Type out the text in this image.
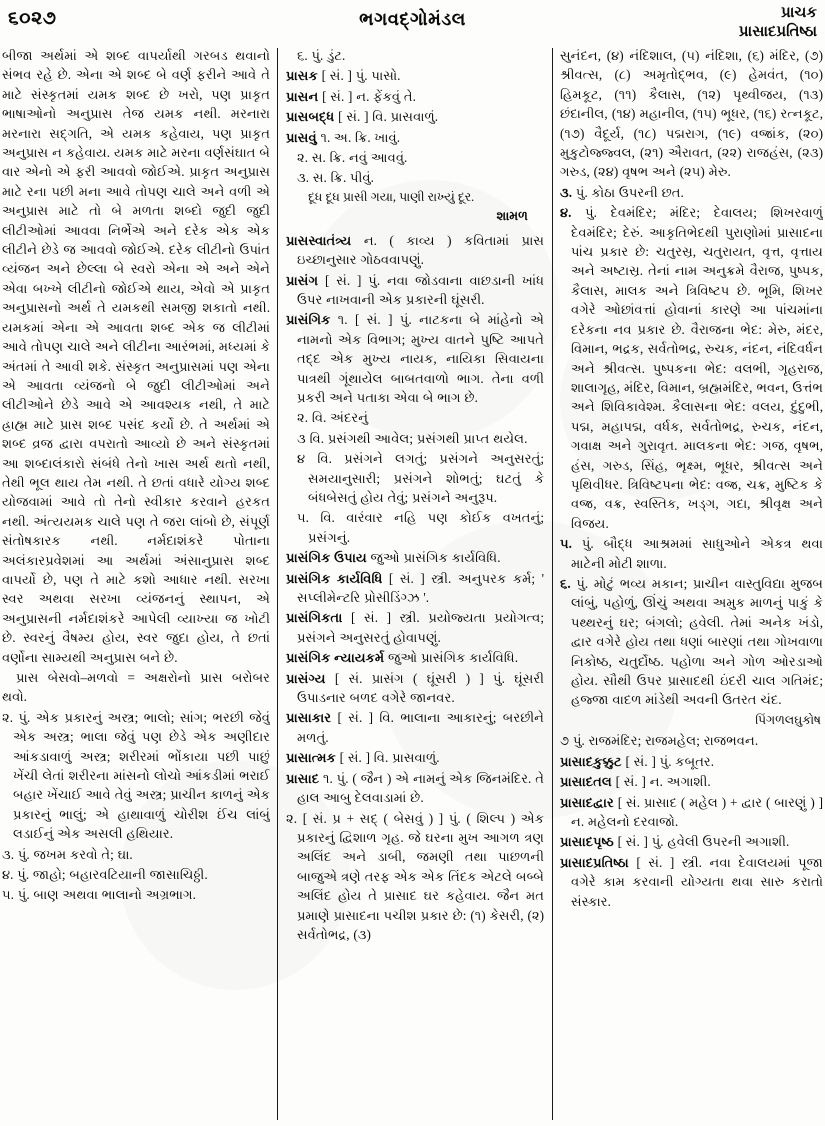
૬૦૨૭	ભગવદ્‌ગોમંડલ	પ્રાચક
પ્રાસાદપ્રતિષ્ઠા

બીજા અર્થમાં એ શબ્દ વાપર્યાથી ગરબડ થવાનો સંભવ રહે છે. એના એ શબ્દ બે વર્ણ ફરીને આવે તે માટે સંસ્કૃતમાં યમક શબ્દ છે ખરો, પણ પ્રાકૃત ભાષાઓનો અનુપ્રાસ તેજ યમક નથી. મરનારા મરનારા સદ્‌ગતિ, એ યમક કહેવાય, પણ પ્રાકૃત અનુપ્રાસ ન કહેવાય. યમક માટે મરના વર્ણસંઘાત બે વાર એનો એ ફરી આવવો જોઈ‍એ. પ્રાકૃત અનુપ્રાસ માટે રના પછી મના આવે તોપણ ચાલે અને વળી એ અનુપ્રાસ માટે તો બે મળતા શબ્દો જુદી જુદી લીટીઓમાં આવવા નિર્ભે‍એ અને દરેક એક એક લીટીને છેડે જ આવવો જોઈ‍એ. દરેક લીટીનો ઉપાંત વ્યંજન અને છેલ્લા બે સ્વરો એના એ અને એને એવા બખ્ખે લીટીનો જોઈ‍એ થાય, એવો એ પ્રાકૃત અનુપ્રાસનો અર્થ તે યમકથી સમજી શકાતો નથી. યમકમાં એના એ આવતા શબ્દ એક જ લીટીમાં આવે તોપણ ચાલે અને લીટીના આરંભમાં, મધ્યમાં કે અંતમાં તે આવી શકે. સંસ્કૃત અનુપ્રાસમાં પણ એના એ આવતા વ્યંજનો બે જુદી લીટીઓમાં અને લીટીઓને છેડે આવે એ આવશ્યક નથી, તે માટે હ્રાહ્મ માટે પ્રાસ શબ્દ પસંદ કર્યો છે. તે અર્થમાં એ શબ્દ વ્રજ દ્વારા વપરાતો આવ્યો છે અને સંસ્કૃતમાં આ શબ્દાલંકારો સંબંધે તેનો ખાસ અર્થ થતો નથી, તેથી ભૂલ થાય તેમ નથી. તે છતાં વધારે યોગ્ય શબ્દ યોજવામાં આવે તો તેનો સ્વીકાર કરવાને હરકત નથી. અંત્યયમક ચાલે પણ તે જરા લાંબો છે, સંપૂર્ણ સંતોષકારક નથી. નર્મદાશંકરે પોતાના અલંકારપ્રવેશમાં આ અર્થમાં અંસાનુપ્રાસ શબ્દ વાપર્યો છે, પણ તે માટે કશો આધાર નથી. સરખા સ્વર અથવા સરખા વ્યંજનનું સ્થાપન, એ અનુપ્રાસની નર્મદાશંકરે આપેલી વ્યાખ્યા જ ખોટી છે. સ્વરનું વૈષમ્ય હોય, સ્વર જુદા હોય, તે છતાં વર્ણોના સામ્યથી અનુપ્રાસ બને છે.

પ્રાસ બેસવો–મળવો = અક્ષરોનો પ્રાસ બરોબર થવો.

૨. પું. એક પ્રકારનું અસ્ત્ર; ભાલો; સાંગ; ભરછી જેવું એક અસ્ત્ર; ભાલા જેવું પણ છેડે એક અણીદાર આંકડાવાળું અસ્ત્ર; શરીરમાં ભોંકાયા પછી પાછું ખેંચી લેતાં શરીરના માંસનો લોચો આંકડીમાં ભરાઈ બહાર ખેંચાઈ આવે તેવું અસ્ત્ર; પ્રાચીન કાળનું એક પ્રકારનું ભાલું; એ હાથાવાળું ચોરીશ ઈંચ લાંબું લડાઈનું એક અસલી હથિયાર.

૩. પું. જખમ કરવો તે; ઘા.

૪. પું. જાહો; બહારવટિયાની જાસાચિઠ્ઠી.

૫. પું. બાણ અથવા ભાલાનો અગ્રભાગ.

૬. પું. ડુંટ.

પ્રાસક [ સં. ] પું. પાસો.

પ્રાસન [ સં. ] ન. ફેંકવું તે.

પ્રાસબદ્ધ [ સં. ] વિ. પ્રાસવાળું.

પ્રાસવું ૧. અ. ક્રિ. ખાવું.

૨. સ. ક્રિ. નવું આવવું.

૩. સ. ક્રિ. પીવું.

દૂધ દૂધ પ્રાસી ગયા, પાણી રાખ્યું દૂર.

શામળ

પ્રાસસ્વાતંત્ર્ય ન. ( કાવ્ય ) કવિતામાં પ્રાસ ઇચ્છાનુસાર ગોઠવવાપણું.

પ્રાસંગ [ સં. ] પું. નવા જોડવાના વાછડાની ખાંધ ઉપર નાખવાની એક પ્રકારની ઘૂંસરી.

પ્રાસંગિક ૧. [ સં. ] પું. નાટકના બે માંહેનો એ નામનો એક વિભાગ; મુખ્ય વાતને પુષ્ટિ આપતે તદ્દ એક મુખ્ય નાયક, નાયિકા સિવાયના પાત્રથી ગૂંથાયેલ બાબતવાળો ભાગ. તેના વળી પ્રકરી અને પતાકા એવા બે ભાગ છે.

૨. વિ. અંદરનું

૩ વિ. પ્રસંગથી આવેલ; પ્રસંગથી પ્રાપ્ત થયેલ.

૪ વિ. પ્રસંગને લગતું; પ્રસંગને અનુસરતું; સમયાનુસારી; પ્રસંગને શોભતું; ઘટતું કે બંધબેસતું હોય તેવું; પ્રસંગને અનુરૂપ.

૫. વિ. વારંવાર નહિ પણ કોઈક વખતનું; પ્રસંગનું.

પ્રાસંગિક ઉપાય જુઓ પ્રાસંગિક કાર્યવિધિ.

પ્રાસંગિક કાર્યવિધિ [ સં. ] સ્ત્રી. અનુપરક કર્મ; ' સપ્લીમેન્ટરિ પ્રોસીડિંગ્ઝ '.

પ્રાસંગિકતા [ સં. ] સ્ત્રી. પ્રયોજ્યતા પ્રયોગત્વ; પ્રસંગને અનુસરતું હોવાપણું.

પ્રાસંગિક ન્યાયકર્મ જુઓ પ્રાસંગિક કાર્યવિધિ.

પ્રાસંગ્ય [ સં. પ્રાસંગ ( ઘૂંસરી ) ] પું. ઘૂંસરી ઉપાડનાર બળદ વગેરે જાનવર.

પ્રાસાકાર [ સં. ] વિ. ભાલાના આકારનું; બરછીને મળતું.

પ્રાસાત્મક [ સં. ] વિ. પ્રાસવાળું.

પ્રાસાદ ૧. પું. ( જૈન ) એ નામનું એક જિનમંદિર. તે હાલ આબુ દેલવાડામાં છે.

૨. [ સં. પ્ર + સદ્ ( બેસવું ) ] પું. ( શિલ્પ ) એક પ્રકારનું દ્વિશાળ ગૃહ. જે ઘરના મુખ આગળ ત્રણ અલિંદ અને ડાબી, જમણી તથા પાછળની બાજુએ ત્રણે તરફ એક એક તિંદક એટલે બબ્બે અલિંદ હોય તે પ્રાસાદ ઘર કહેવાય. જૈન મત પ્રમાણે પ્રાસાદના પચીશ પ્રકાર છે: (૧) કેસરી, (૨) સર્વતોભદ્ર, (૩)

સુનંદન, (૪) નંદિશાલ, (૫) નંદિશા, (૬) મંદિર, (૭) શ્રીવત્સ, (૮) અમૃતોદ્‌ભવ, (૯) હેમવંત, (૧૦) હિમકૂટ, (૧૧) કૈલાસ, (૧૨) પૃથ્વીજય, (૧૩) છંદાનીલ, (૧૪) મહાનીલ, (૧૫) ભૂધર, (૧૬) રત્નકૂટ, (૧૭) વૈદૂર્ય, (૧૮) પદ્મરાગ, (૧૯) વજ્રાંક, (૨૦) મુકુટોજ્જ્વલ, (૨૧) ઐરાવત, (૨૨) રાજહંસ, (૨૩) ગરુડ, (૨૪) વૃષભ અને (૨૫) મેરુ.

૩. પું. કોઠા ઉપરની છત.

૪. પું. દેવમંદિર; મંદિર; દેવાલય; શિખરવાળું દેવમંદિર; દેરું. આકૃતિભેદથી પુરાણોમાં પ્રાસાદના પાંચ પ્રકાર છે: ચતુરસ્ર, ચતુરાયત, વૃત્ત, વૃત્તાય અને અષ્ટાસ્ર. તેનાં નામ અનુક્રમે વૈરાજ, પુષ્પક, કૈલાસ, માલક અને ત્રિવિષ્ટપ છે. ભૂમિ, શિખર વગેરે ઓછાંવત્તાં હોવાનાં કારણે આ પાંચમાંના દરેકના નવ પ્રકાર છે. વૈરાજના ભેદ: મેરુ, મંદર, વિમાન, ભદ્રક, સર્વતોભદ્ર, રુચક, નંદન, નંદિવર્ધન અને શ્રીવત્સ. પુષ્પકના ભેદ: વલભી, ગૃહરાજ, શાલાગૃહ, મંદિર, વિમાન, બ્રહ્મમંદિર, ભવન, ઉત્તંભ અને શિવિકાવેશ્મ. કૈલાસના ભેદ: વલય, દુંદુભી, પદ્મ, મહાપદ્મ, વર્ધક, સર્વતોભદ્ર, રુચક, નંદન, ગવાક્ષ અને ગુરાવૃત. માલકના ભેદ: ગજ, વૃષભ, હંસ, ગરુડ, સિંહ, ભૃક્ષ્મ, ભૂધર, શ્રીવત્સ અને પૃથિવીધર. ત્રિવિષ્ટપના ભેદ: વજ્ર, ચક્ર, મુષ્ટિક કે વજ્ર, વક્ર, સ્વસ્તિક, ખડ્‌ગ, ગદા, શ્રીવૃક્ષ અને વિજય.

૫. પું. બૌદ્ધ આશ્રમમાં સાધુઓને એકત્ર થવા માટેની મોટી શાળા.

૬. પું. મોટું ભવ્ય મકાન; પ્રાચીન વાસ્તુવિદ્યા મુજબ લાંબું, પહોળું, ઊંચું અથવા અમુક માળનું પાકું કે પથ્થરનું ઘર; બંગલો; હવેલી. તેમાં અનેક ખંડો, દ્વાર વગેરે હોય તથા ધણાં બારણાં તથા ગોખવાળા નિકોષ્ઠ, ચતુર્દોષ્ઠ. પહોળા અને ગોળ ઓરડાઓ હોય. સૌથી ઉપર પ્રાસાદથી ઇંદરી ચાલ ગતિમંદ; હજ્જા વાદળ માંડેથી અવની ઉતરત ચંદ.

પિંગળલઘુકોષ

૭ પું. રાજમંદિર; રાજમહેલ; રાજભવન.

પ્રાસાદકુક્કુટ [ સં. ] પું. કબૂતર.

પ્રાસાદતલ [ સં. ] ન. અગાશી.

પ્રાસાદદ્વાર [ સં. પ્રાસાદ ( મહેલ ) + દ્વાર ( બારણું ) ] ન. મહેલનો દરવાજો.

પ્રાસાદપૃષ્ઠ [ સં. ] પું. હવેલી ઉપરની અગાશી.

પ્રાસાદપ્રતિષ્ઠા [ સં. ] સ્ત્રી. નવા દેવાલયમાં પૂજા વગેરે કામ કરવાની યોગ્યતા થવા સારુ કરાતો સંસ્કાર.
